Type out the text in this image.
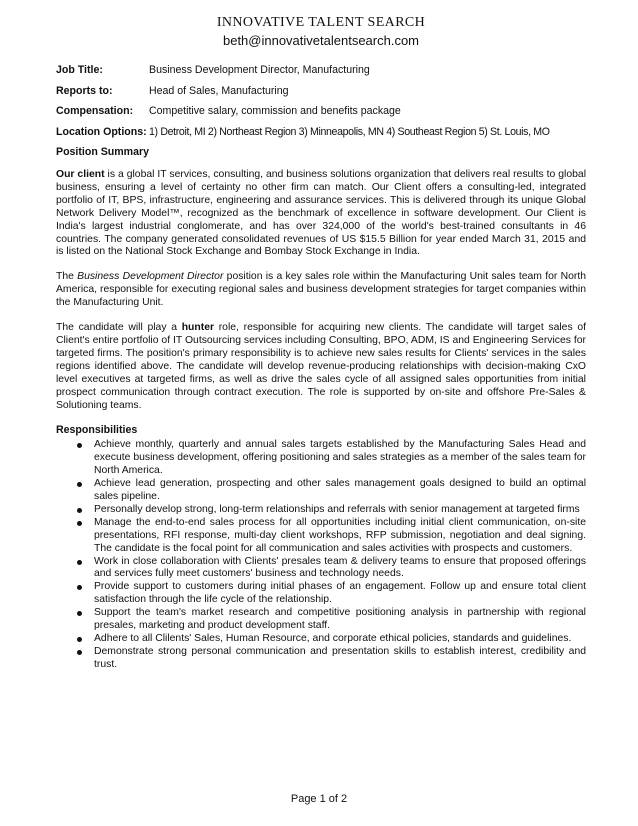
INNOVATIVE TALENT SEARCH
beth@innovativetalentsearch.com
Job Title:	Business Development Director, Manufacturing
Reports to:	Head of Sales, Manufacturing
Compensation:	Competitive salary, commission and benefits package
Location Options: 1) Detroit, MI 2) Northeast Region 3) Minneapolis, MN 4) Southeast Region 5) St. Louis, MO
Position Summary

Our client is a global IT services, consulting, and business solutions organization that delivers real results to global business, ensuring a level of certainty no other firm can match. Our Client offers a consulting-led, integrated portfolio of IT, BPS, infrastructure, engineering and assurance services. This is delivered through its unique Global Network Delivery Model™, recognized as the benchmark of excellence in software development. Our Client is India's largest industrial conglomerate, and has over 324,000 of the world's best-trained consultants in 46 countries. The company generated consolidated revenues of US $15.5 Billion for year ended March 31, 2015 and is listed on the National Stock Exchange and Bombay Stock Exchange in India.

The Business Development Director position is a key sales role within the Manufacturing Unit sales team for North America, responsible for executing regional sales and business development strategies for target companies within the Manufacturing Unit.

The candidate will play a hunter role, responsible for acquiring new clients. The candidate will target sales of Client's entire portfolio of IT Outsourcing services including Consulting, BPO, ADM, IS and Engineering Services for targeted firms. The position's primary responsibility is to achieve new sales results for Clients' services in the sales regions identified above. The candidate will develop revenue-producing relationships with decision-making CxO level executives at targeted firms, as well as drive the sales cycle of all assigned sales opportunities from initial prospect communication through contract execution. The role is supported by on-site and offshore Pre-Sales & Solutioning teams.

Responsibilities
Achieve monthly, quarterly and annual sales targets established by the Manufacturing Sales Head and execute business development, offering positioning and sales strategies as a member of the sales team for North America.
Achieve lead generation, prospecting and other sales management goals designed to build an optimal sales pipeline.
Personally develop strong, long-term relationships and referrals with senior management at targeted firms
Manage the end-to-end sales process for all opportunities including initial client communication, on-site presentations, RFI response, multi-day client workshops, RFP submission, negotiation and deal signing. The candidate is the focal point for all communication and sales activities with prospects and customers.
Work in close collaboration with Clients' presales team & delivery teams to ensure that proposed offerings and services fully meet customers' business and technology needs.
Provide support to customers during initial phases of an engagement. Follow up and ensure total client satisfaction through the life cycle of the relationship.
Support the team's market research and competitive positioning analysis in partnership with regional presales, marketing and product development staff.
Adhere to all Clilents' Sales, Human Resource, and corporate ethical policies, standards and guidelines.
Demonstrate strong personal communication and presentation skills to establish interest, credibility and trust.
Page 1 of 2
